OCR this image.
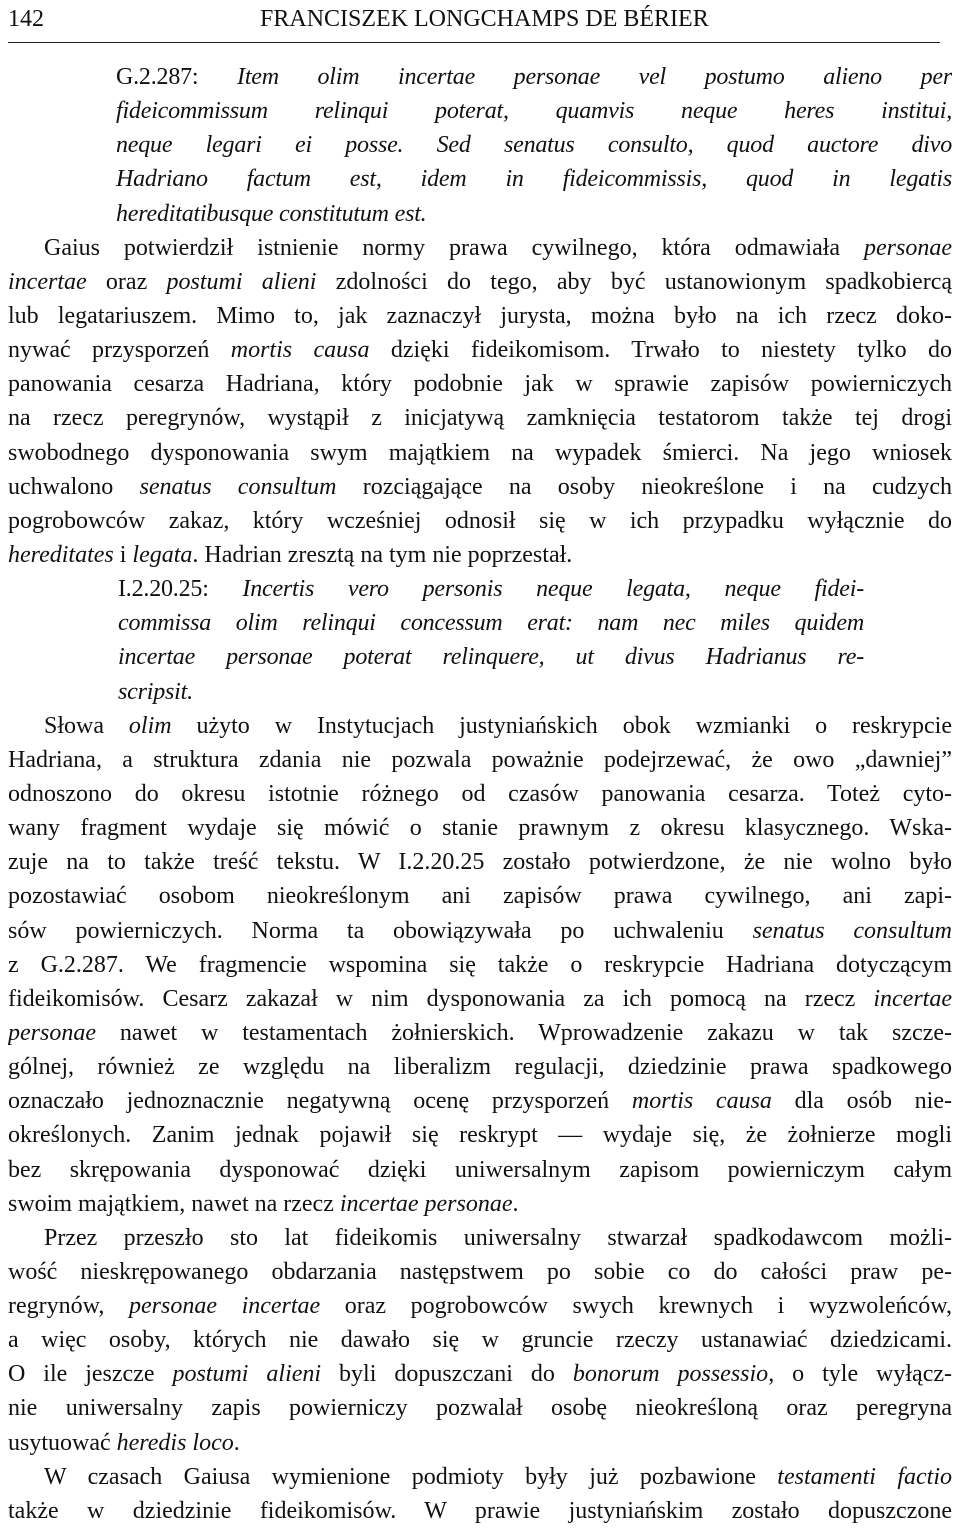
142	FRANCISZEK LONGCHAMPS DE BÉRIER
G.2.287: Item olim incertae personae vel postumo alieno per
fideicommissum relinqui poterat, quamvis neque heres institui,
neque legari ei posse. Sed senatus consulto, quod auctore divo
Hadriano factum est, idem in fideicommissis, quod in legatis
hereditatibusque constitutum est.
Gaius potwierdził istnienie normy prawa cywilnego, która odmawiała personae
incertae oraz postumi alieni zdolności do tego, aby być ustanowionym spadkobiercą
lub legatariuszem. Mimo to, jak zaznaczył jurysta, można było na ich rzecz doko-
nywać przysporzeń mortis causa dzięki fideikomisom. Trwało to niestety tylko do
panowania cesarza Hadriana, który podobnie jak w sprawie zapisów powierniczych
na rzecz peregrynów, wystąpił z inicjatywą zamknięcia testatorom także tej drogi
swobodnego dysponowania swym majątkiem na wypadek śmierci. Na jego wniosek
uchwalono senatus consultum rozciągające na osoby nieokreślone i na cudzych
pogrobowców zakaz, który wcześniej odnosił się w ich przypadku wyłącznie do
hereditates i legata. Hadrian zresztą na tym nie poprzestał.
I.2.20.25: Incertis vero personis neque legata, neque fidei-
commissa olim relinqui concessum erat: nam nec miles quidem
incertae personae poterat relinquere, ut divus Hadrianus re-
scripsit.
Słowa olim użyto w Instytucjach justyniańskich obok wzmianki o reskrypcie
Hadriana, a struktura zdania nie pozwala poważnie podejrzewać, że owo „dawniej”
odnoszono do okresu istotnie różnego od czasów panowania cesarza. Toteż cyto-
wany fragment wydaje się mówić o stanie prawnym z okresu klasycznego. Wska-
zuje na to także treść tekstu. W I.2.20.25 zostało potwierdzone, że nie wolno było
pozostawiać osobom nieokreślonym ani zapisów prawa cywilnego, ani zapi-
sów powierniczych. Norma ta obowiązywała po uchwaleniu senatus consultum
z G.2.287. We fragmencie wspomina się także o reskrypcie Hadriana dotyczącym
fideikomisów. Cesarz zakazał w nim dysponowania za ich pomocą na rzecz incertae
personae nawet w testamentach żołnierskich. Wprowadzenie zakazu w tak szcze-
gólnej, również ze względu na liberalizm regulacji, dziedzinie prawa spadkowego
oznaczało jednoznacznie negatywną ocenę przysporzeń mortis causa dla osób nie-
określonych. Zanim jednak pojawił się reskrypt — wydaje się, że żołnierze mogli
bez skrępowania dysponować dzięki uniwersalnym zapisom powierniczym całym
swoim majątkiem, nawet na rzecz incertae personae.
Przez przeszło sto lat fideikomis uniwersalny stwarzał spadkodawcom możli-
wość nieskrępowanego obdarzania następstwem po sobie co do całości praw pe-
regrynów, personae incertae oraz pogrobowców swych krewnych i wyzwoleńców,
a więc osoby, których nie dawało się w gruncie rzeczy ustanawiać dziedzicami.
O ile jeszcze postumi alieni byli dopuszczani do bonorum possessio, o tyle wyłącz-
nie uniwersalny zapis powierniczy pozwalał osobę nieokreśloną oraz peregryna
usytuować heredis loco.
W czasach Gaiusa wymienione podmioty były już pozbawione testamenti factio
także w dziedzinie fideikomisów. W prawie justyniańskim zostało dopuszczone
